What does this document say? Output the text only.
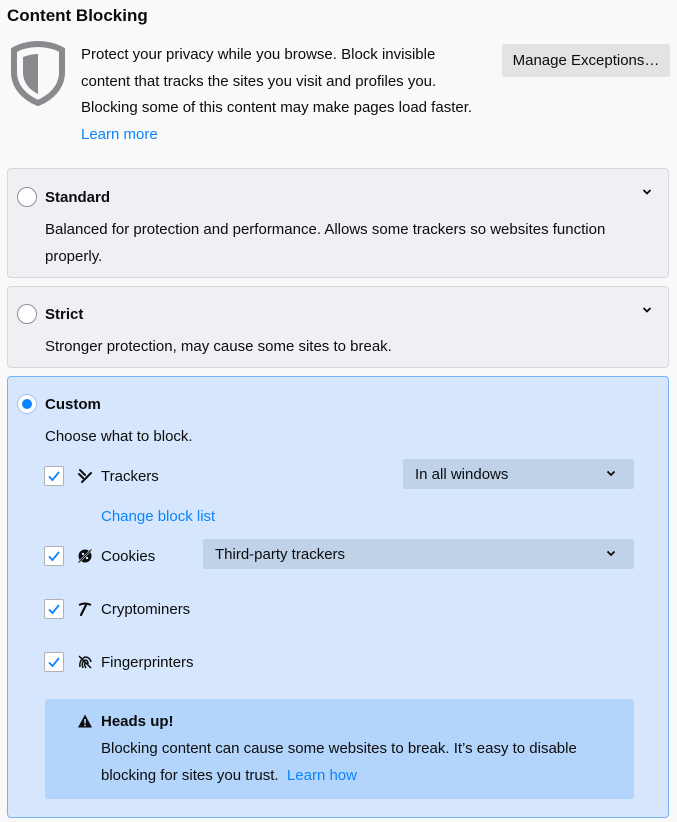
Content Blocking

Protect your privacy while you browse. Block invisible

content that tracks the sites you visit and profiles you.

Blocking some of this content may make pages load faster.

Learn more

Manage Exceptions…
Standard
Balanced for protection and performance. Allows some trackers so websites function properly.
Strict
Stronger protection, may cause some sites to break.
Custom
Choose what to block.
Trackers	In all windows
Change block list
Cookies	Third-party trackers
Cryptominers
Fingerprinters
Heads up!
Blocking content can cause some websites to break. It’s easy to disable blocking for sites you trust. Learn how
